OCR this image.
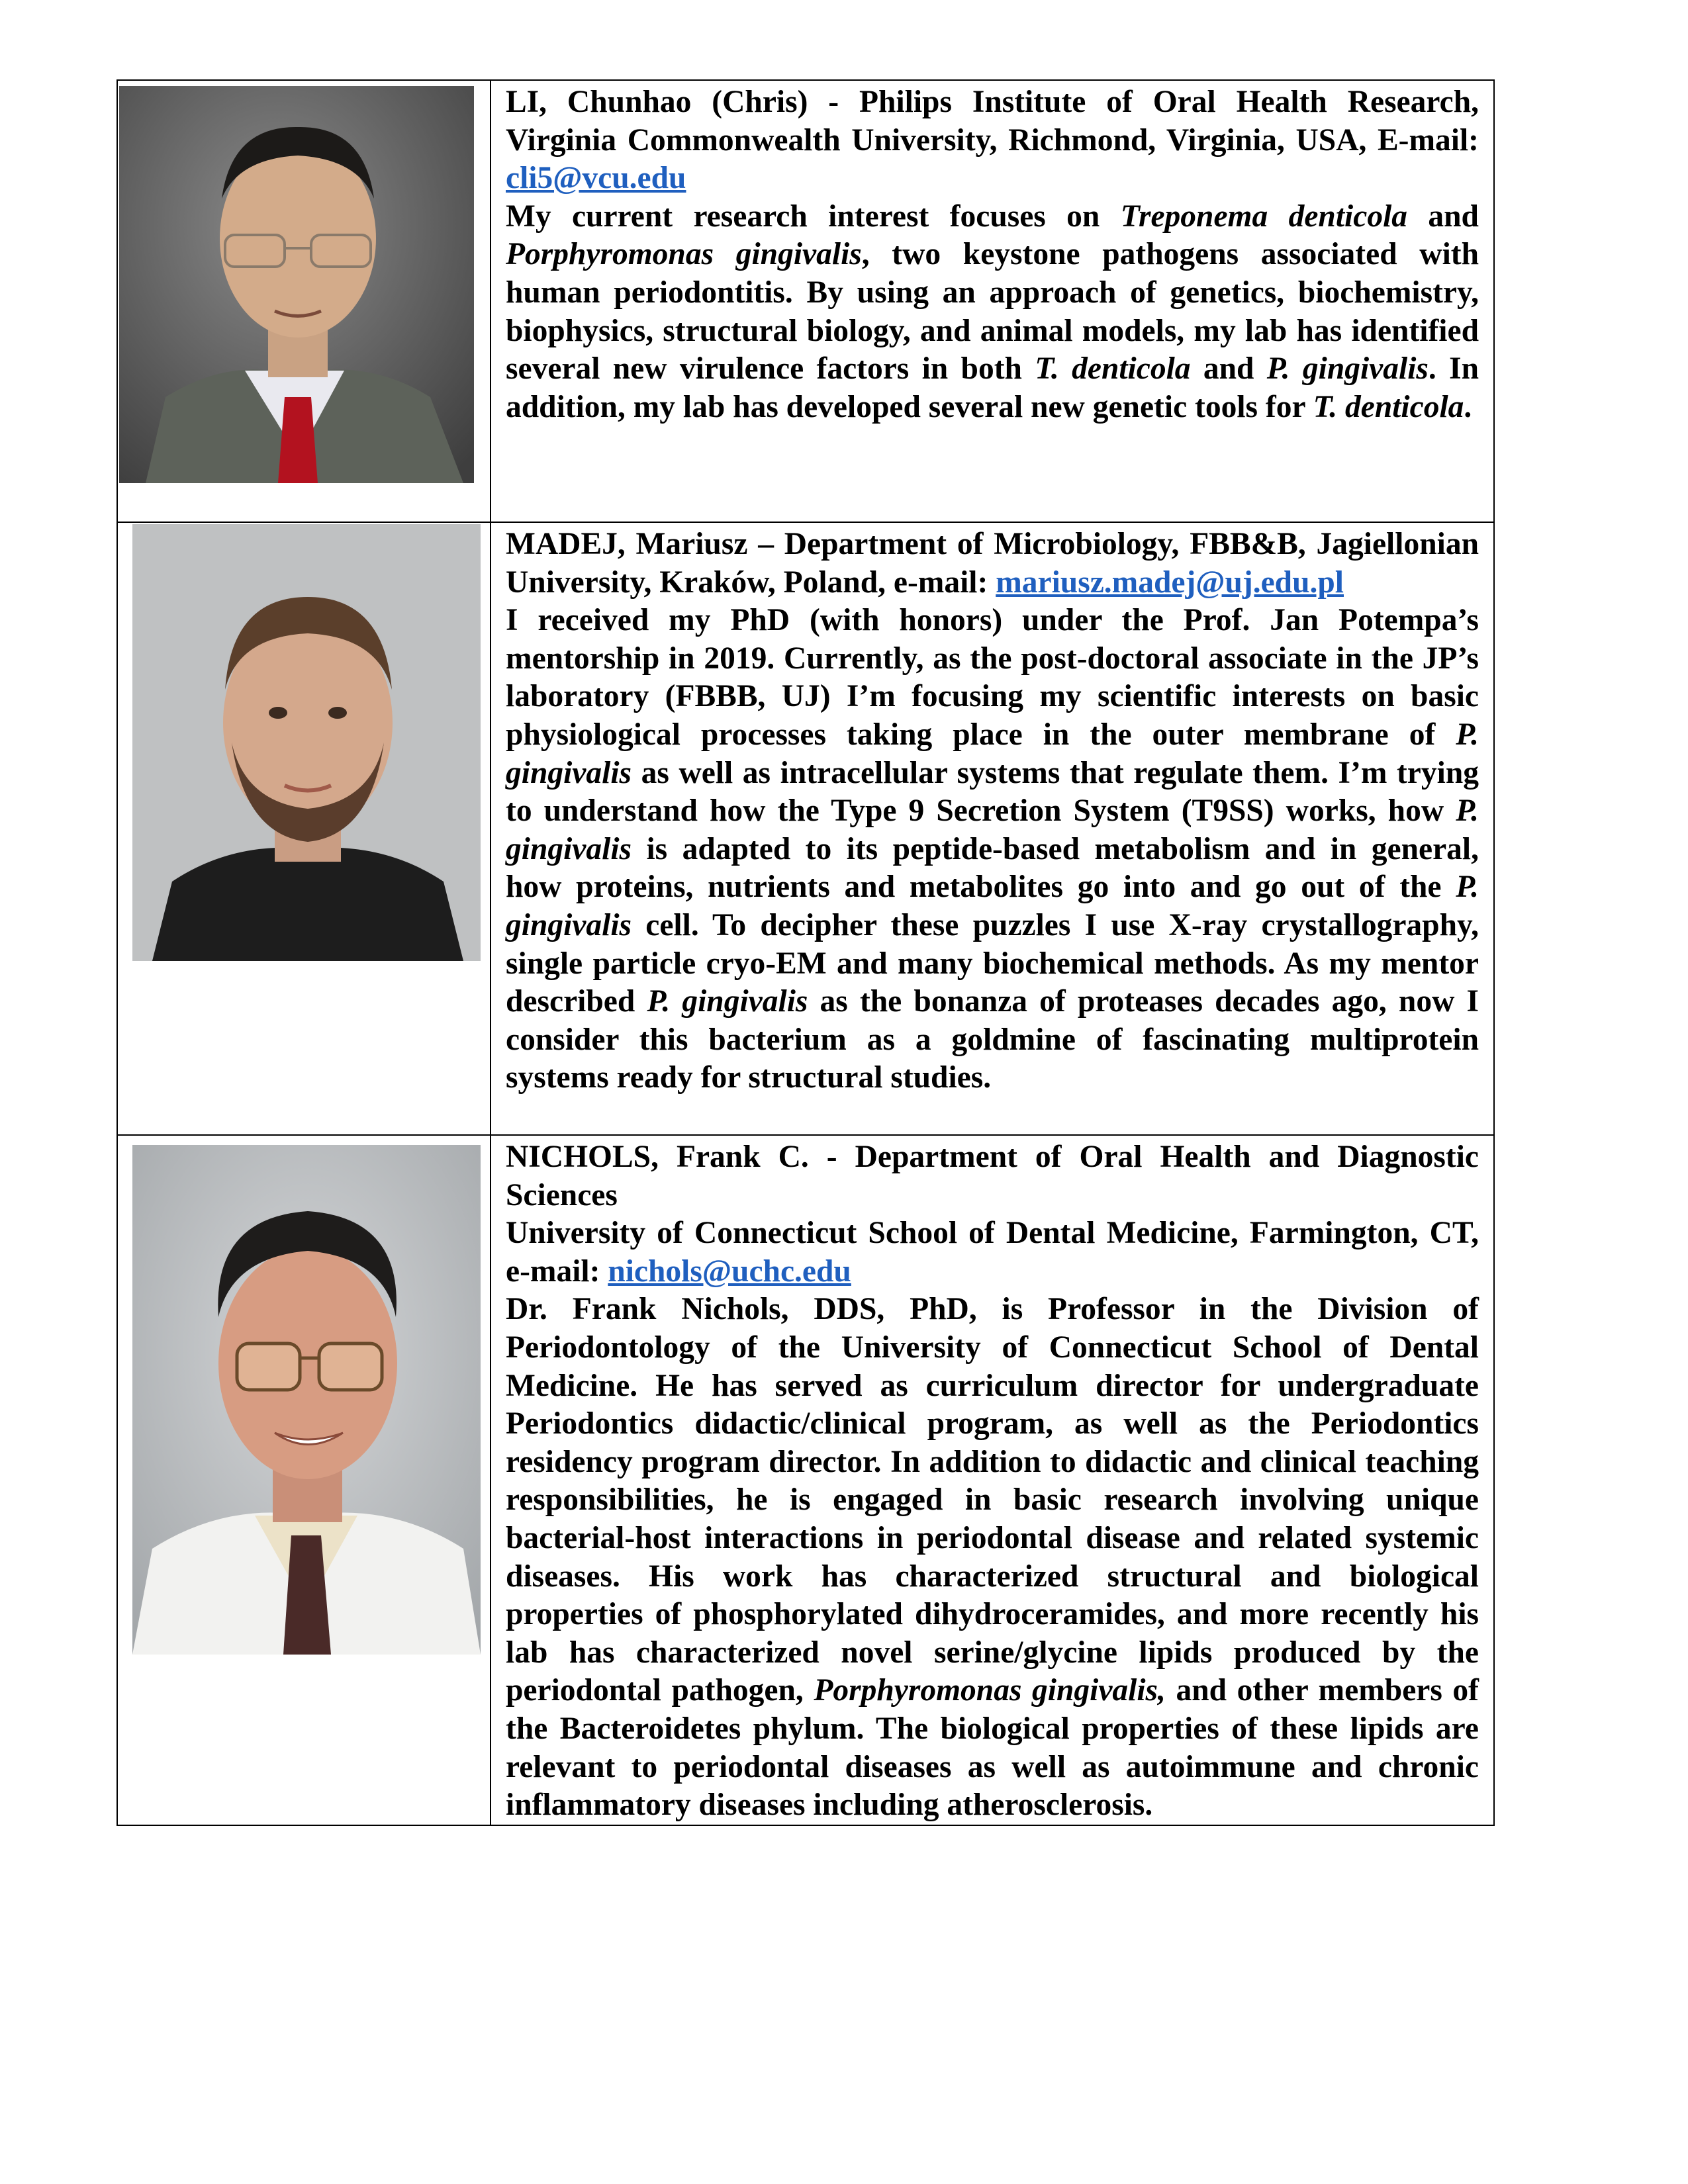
LI, Chunhao (Chris) - Philips Institute of Oral Health Research, Virginia Commonwealth University, Richmond, Virginia, USA, E-mail: cli5@vcu.edu

My current research interest focuses on Treponema denticola and Porphyromonas gingivalis, two keystone pathogens associated with human periodontitis. By using an approach of genetics, biochemistry, biophysics, structural biology, and animal models, my lab has identified several new virulence factors in both T. denticola and P. gingivalis. In addition, my lab has developed several new genetic tools for T. denticola.

MADEJ, Mariusz – Department of Microbiology, FBB&B, Jagiellonian University, Kraków, Poland, e-mail: mariusz.madej@uj.edu.pl

I received my PhD (with honors) under the Prof. Jan Potempa’s mentorship in 2019. Currently, as the post-doctoral associate in the JP’s laboratory (FBBB, UJ) I’m focusing my scientific interests on basic physiological processes taking place in the outer membrane of P. gingivalis as well as intracellular systems that regulate them. I’m trying to understand how the Type 9 Secretion System (T9SS) works, how P. gingivalis is adapted to its peptide-based metabolism and in general, how proteins, nutrients and metabolites go into and go out of the P. gingivalis cell. To decipher these puzzles I use X-ray crystallography, single particle cryo-EM and many biochemical methods. As my mentor described P. gingivalis as the bonanza of proteases decades ago, now I consider this bacterium as a goldmine of fascinating multiprotein systems ready for structural studies.

NICHOLS, Frank C. - Department of Oral Health and Diagnostic Sciences

University of Connecticut School of Dental Medicine, Farmington, CT, e-mail: nichols@uchc.edu

Dr. Frank Nichols, DDS, PhD, is Professor in the Division of Periodontology of the University of Connecticut School of Dental Medicine. He has served as curriculum director for undergraduate Periodontics didactic/clinical program, as well as the Periodontics residency program director. In addition to didactic and clinical teaching responsibilities, he is engaged in basic research involving unique bacterial-host interactions in periodontal disease and related systemic diseases. His work has characterized structural and biological properties of phosphorylated dihydroceramides, and more recently his lab has characterized novel serine/glycine lipids produced by the periodontal pathogen, Porphyromonas gingivalis, and other members of the Bacteroidetes phylum. The biological properties of these lipids are relevant to periodontal diseases as well as autoimmune and chronic inflammatory diseases including atherosclerosis.
